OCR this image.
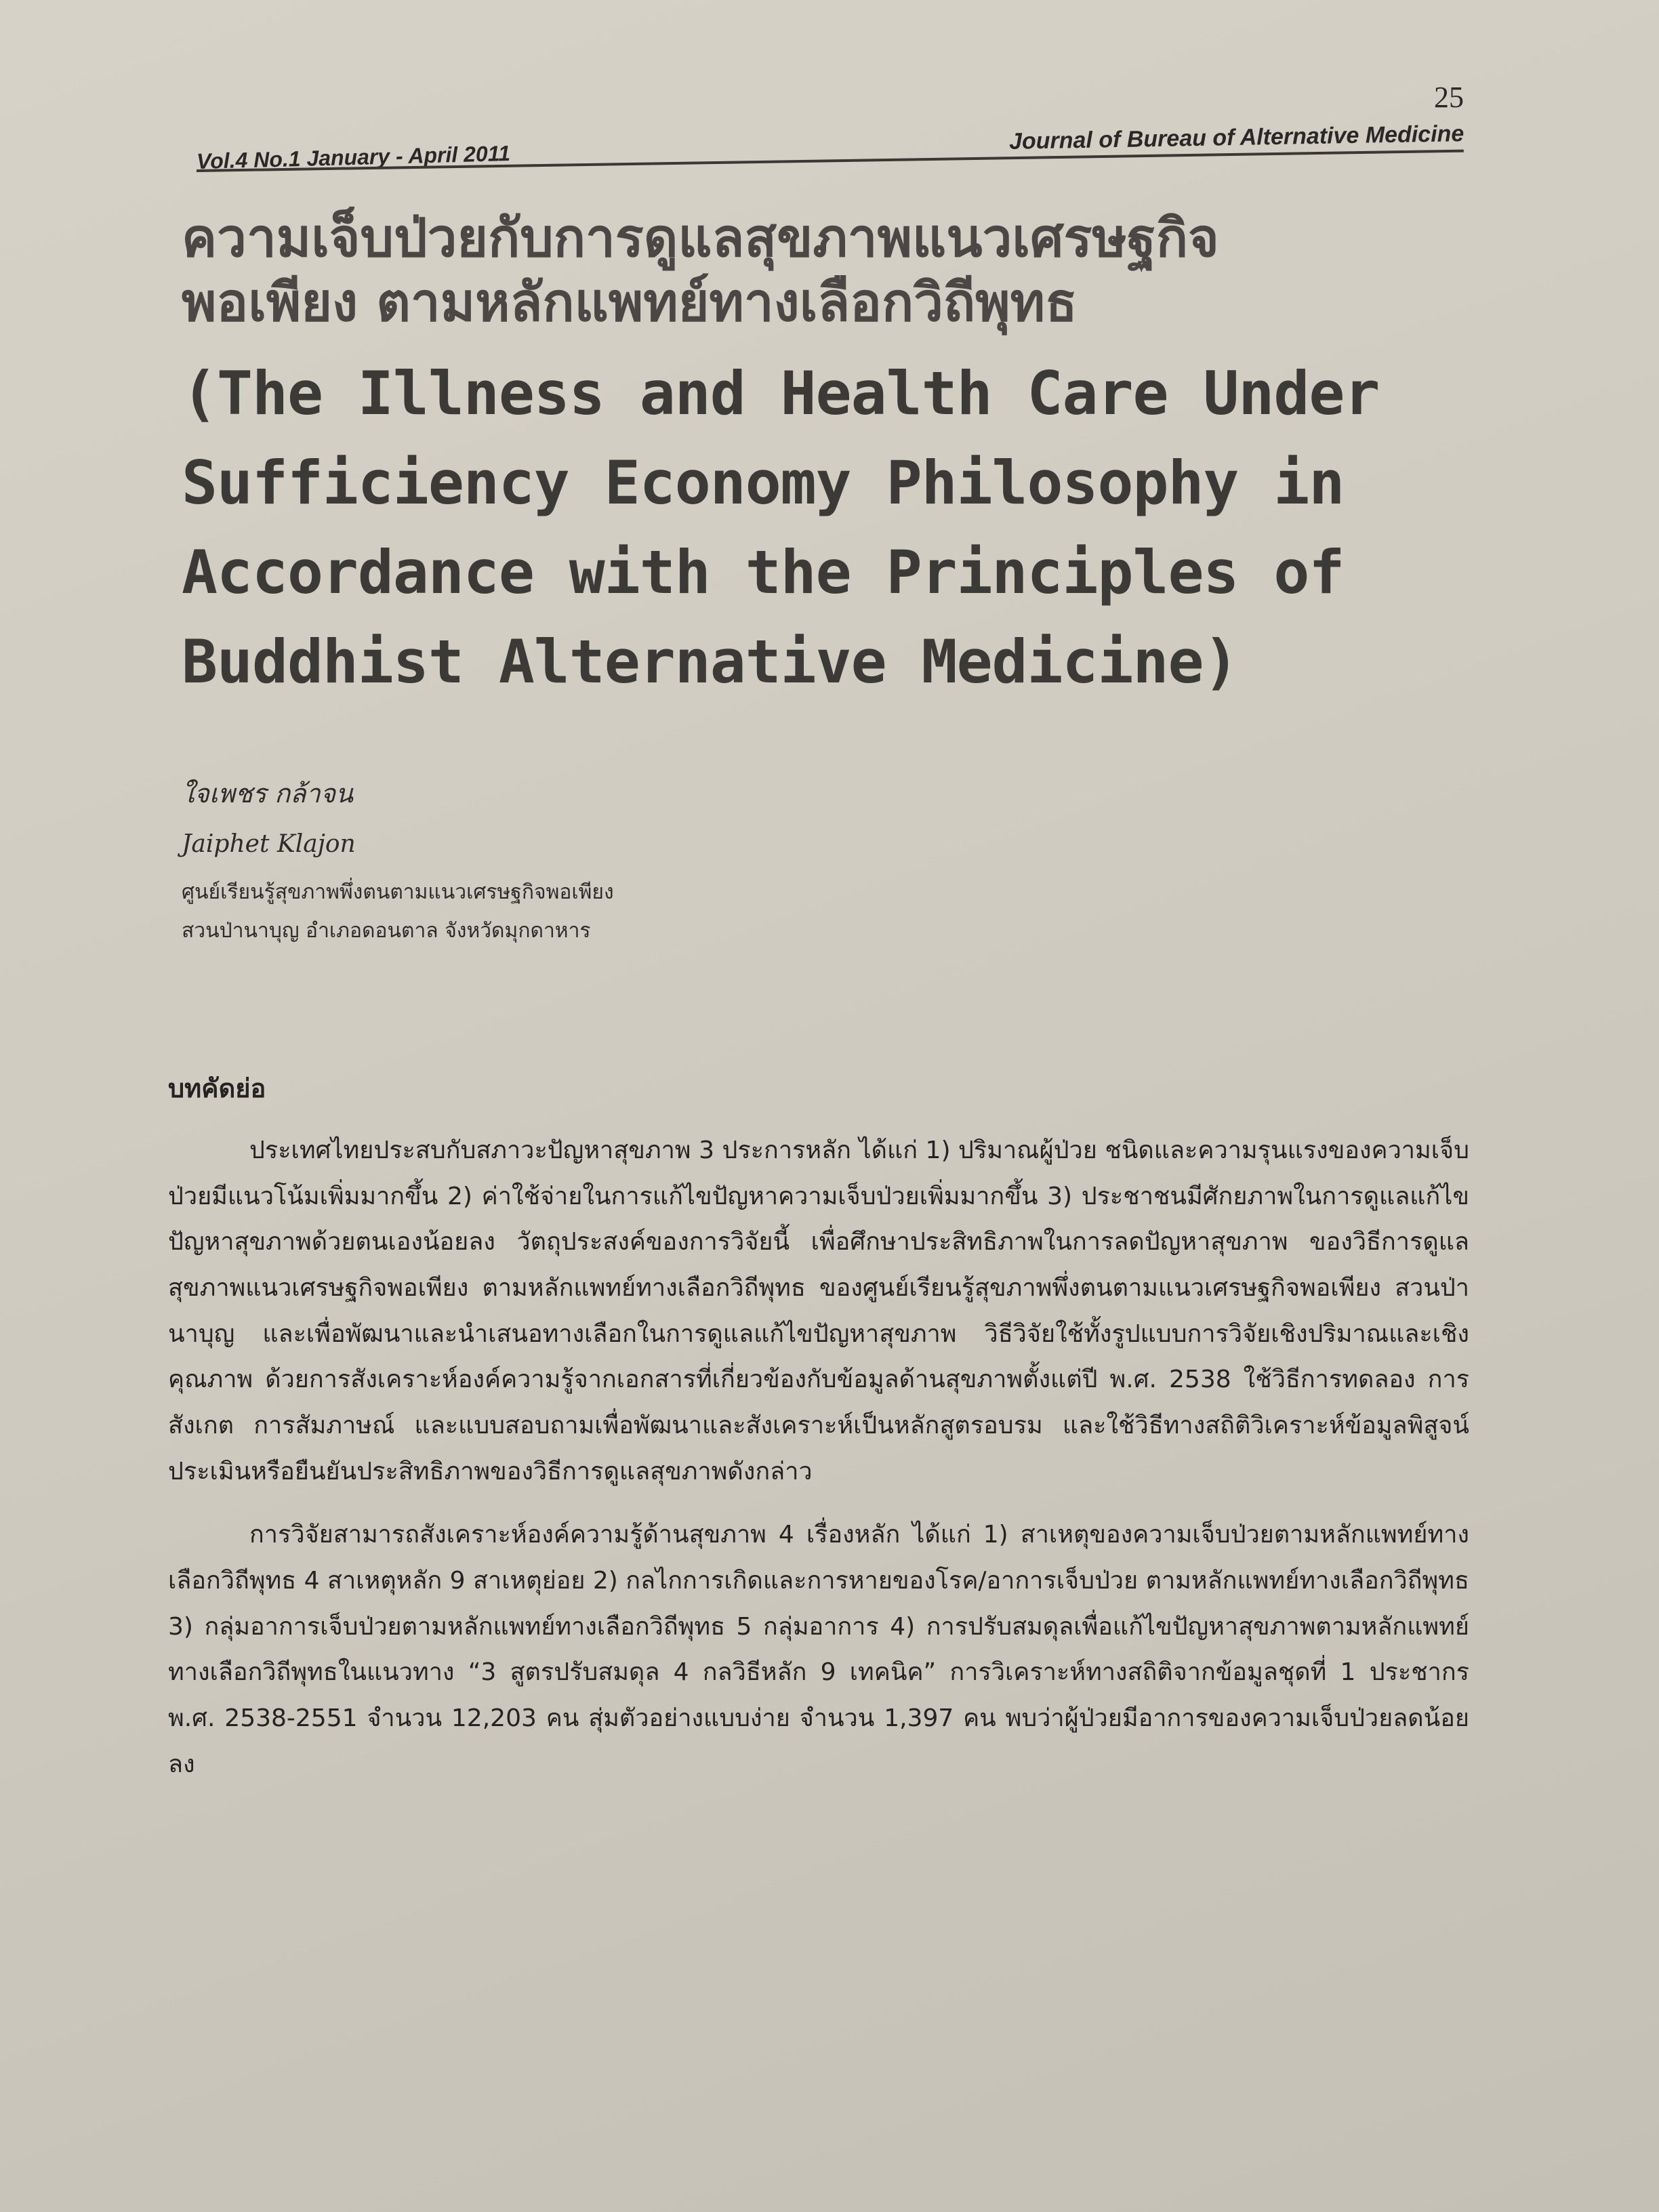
25
Journal of Bureau of Alternative Medicine
Vol.4 No.1 January - April 2011
ความเจ็บป่วยกับการดูแลสุขภาพแนวเศรษฐกิจ
พอเพียง ตามหลักแพทย์ทางเลือกวิถีพุทธ
(The Illness and Health Care Under
Sufficiency Economy Philosophy in
Accordance with the Principles of
Buddhist Alternative Medicine)
ใจเพชร กล้าจน
Jaiphet Klajon
ศูนย์เรียนรู้สุขภาพพึ่งตนตามแนวเศรษฐกิจพอเพียง
สวนป่านาบุญ อำเภอดอนตาล จังหวัดมุกดาหาร
บทคัดย่อ

ประเทศไทยประสบกับสภาวะปัญหาสุขภาพ 3 ประการหลัก ได้แก่ 1) ปริมาณผู้ป่วย ชนิดและความรุนแรงของความเจ็บป่วยมีแนวโน้มเพิ่มมากขึ้น 2) ค่าใช้จ่ายในการแก้ไขปัญหาความเจ็บป่วยเพิ่มมากขึ้น 3) ประชาชนมีศักยภาพในการดูแลแก้ไขปัญหาสุขภาพด้วยตนเองน้อยลง วัตถุประสงค์ของการวิจัยนี้ เพื่อศึกษาประสิทธิภาพในการลดปัญหาสุขภาพ ของวิธีการดูแลสุขภาพแนวเศรษฐกิจพอเพียง ตามหลักแพทย์ทางเลือกวิถีพุทธ ของศูนย์เรียนรู้สุขภาพพึ่งตนตามแนวเศรษฐกิจพอเพียง สวนป่านาบุญ และเพื่อพัฒนาและนำเสนอทางเลือกในการดูแลแก้ไขปัญหาสุขภาพ วิธีวิจัยใช้ทั้งรูปแบบการวิจัยเชิงปริมาณและเชิงคุณภาพ ด้วยการสังเคราะห์องค์ความรู้จากเอกสารที่เกี่ยวข้องกับข้อมูลด้านสุขภาพตั้งแต่ปี พ.ศ. 2538 ใช้วิธีการทดลอง การสังเกต การสัมภาษณ์ และแบบสอบถามเพื่อพัฒนาและสังเคราะห์เป็นหลักสูตรอบรม และใช้วิธีทางสถิติวิเคราะห์ข้อมูลพิสูจน์ประเมินหรือยืนยันประสิทธิภาพของวิธีการดูแลสุขภาพดังกล่าว

การวิจัยสามารถสังเคราะห์องค์ความรู้ด้านสุขภาพ 4 เรื่องหลัก ได้แก่ 1) สาเหตุของความเจ็บป่วยตามหลักแพทย์ทางเลือกวิถีพุทธ 4 สาเหตุหลัก 9 สาเหตุย่อย 2) กลไกการเกิดและการหายของโรค/อาการเจ็บป่วย ตามหลักแพทย์ทางเลือกวิถีพุทธ 3) กลุ่มอาการเจ็บป่วยตามหลักแพทย์ทางเลือกวิถีพุทธ 5 กลุ่มอาการ 4) การปรับสมดุลเพื่อแก้ไขปัญหาสุขภาพตามหลักแพทย์ทางเลือกวิถีพุทธในแนวทาง “3 สูตรปรับสมดุล 4 กลวิธีหลัก 9 เทคนิค” การวิเคราะห์ทางสถิติจากข้อมูลชุดที่ 1 ประชากร พ.ศ. 2538-2551 จำนวน 12,203 คน สุ่มตัวอย่างแบบง่าย จำนวน 1,397 คน พบว่าผู้ป่วยมีอาการของความเจ็บป่วยลดน้อยลง
